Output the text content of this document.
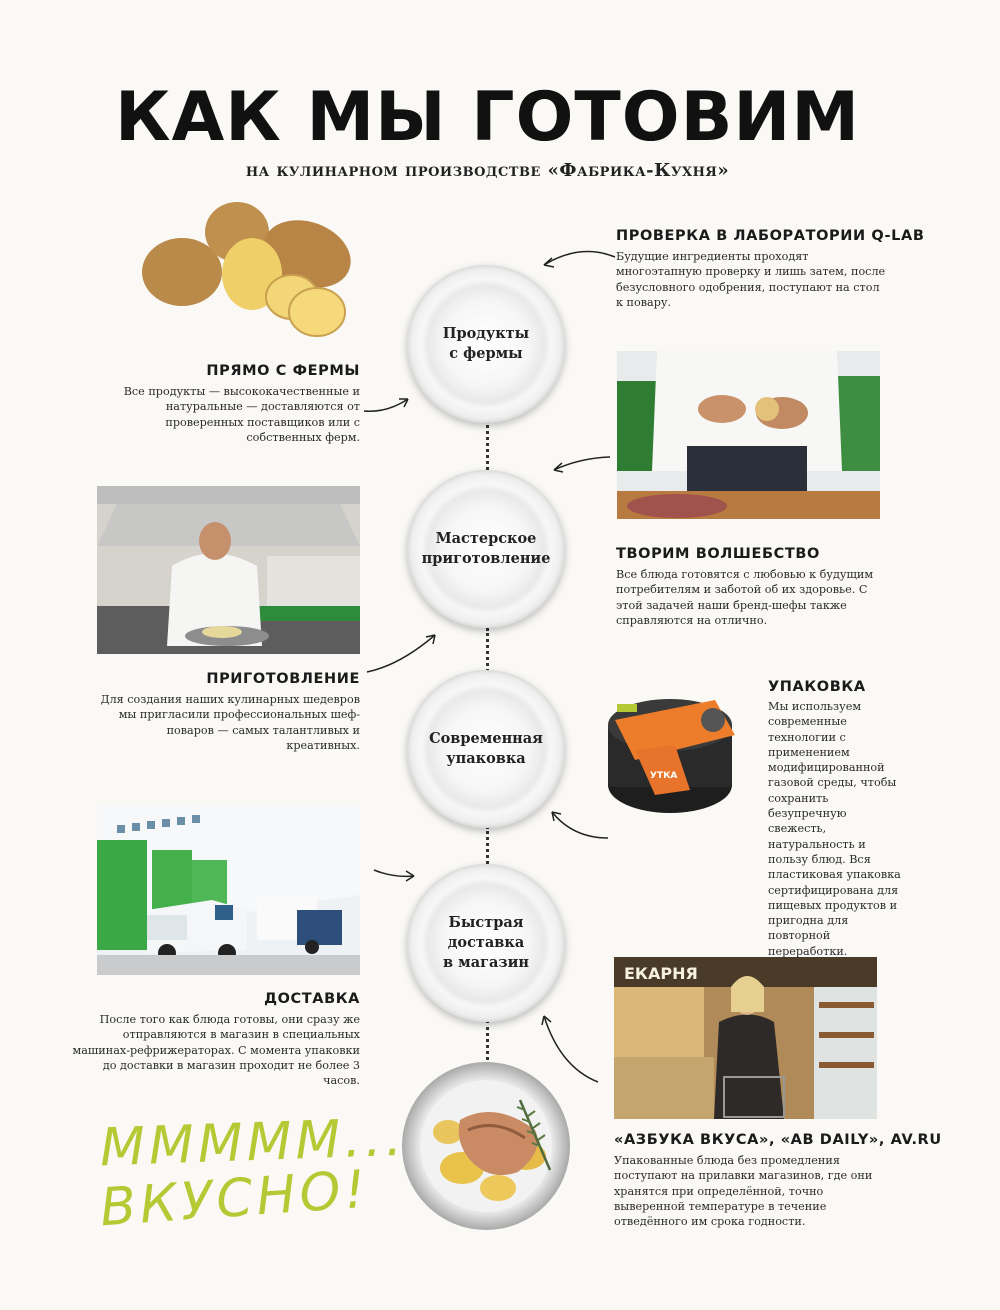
КАК МЫ ГОТОВИМ
на кулинарном производстве «Фабрика-Кухня»
Продукты
с фермы
Мастерское
приготовление
Современная
упаковка
Быстрая
доставка
в магазин
УТКА
ЕКАРНЯ
ПРОВЕРКА В ЛАБОРАТОРИИ Q-LAB
Будущие ингредиенты проходят многоэтапную проверку и лишь затем, после безусловного одобрения, поступают на стол к повару.
ПРЯМО С ФЕРМЫ
Все продукты — высококачественные и натуральные — доставляются от проверенных поставщиков или с собственных ферм.
ТВОРИМ ВОЛШЕБСТВО
Все блюда готовятся с любовью к будущим потребителям и заботой об их здоровье. С этой задачей наши бренд-шефы также справляются на отлично.
ПРИГОТОВЛЕНИЕ
Для создания наших кулинарных шедевров мы пригласили профессиональных шеф-поваров — самых талантливых и креативных.
УПАКОВКА
Мы используем современные технологии с применением модифицированной газовой среды, чтобы сохранить безупречную свежесть, натуральность и пользу блюд. Вся пластиковая упаковка сертифицирована для пищевых продуктов и пригодна для повторной переработки.
ДОСТАВКА
После того как блюда готовы, они сразу же отправляются в магазин в специальных машинах-рефрижераторах. С момента упаковки до доставки в магазин проходит не более 3 часов.
«АЗБУКА ВКУСА», «AB DAILY», AV.RU
Упакованные блюда без промедления поступают на прилавки магазинов, где они хранятся при определённой, точно выверенной температуре в течение отведённого им срока годности.
МММММ...
ВКУСНО!
